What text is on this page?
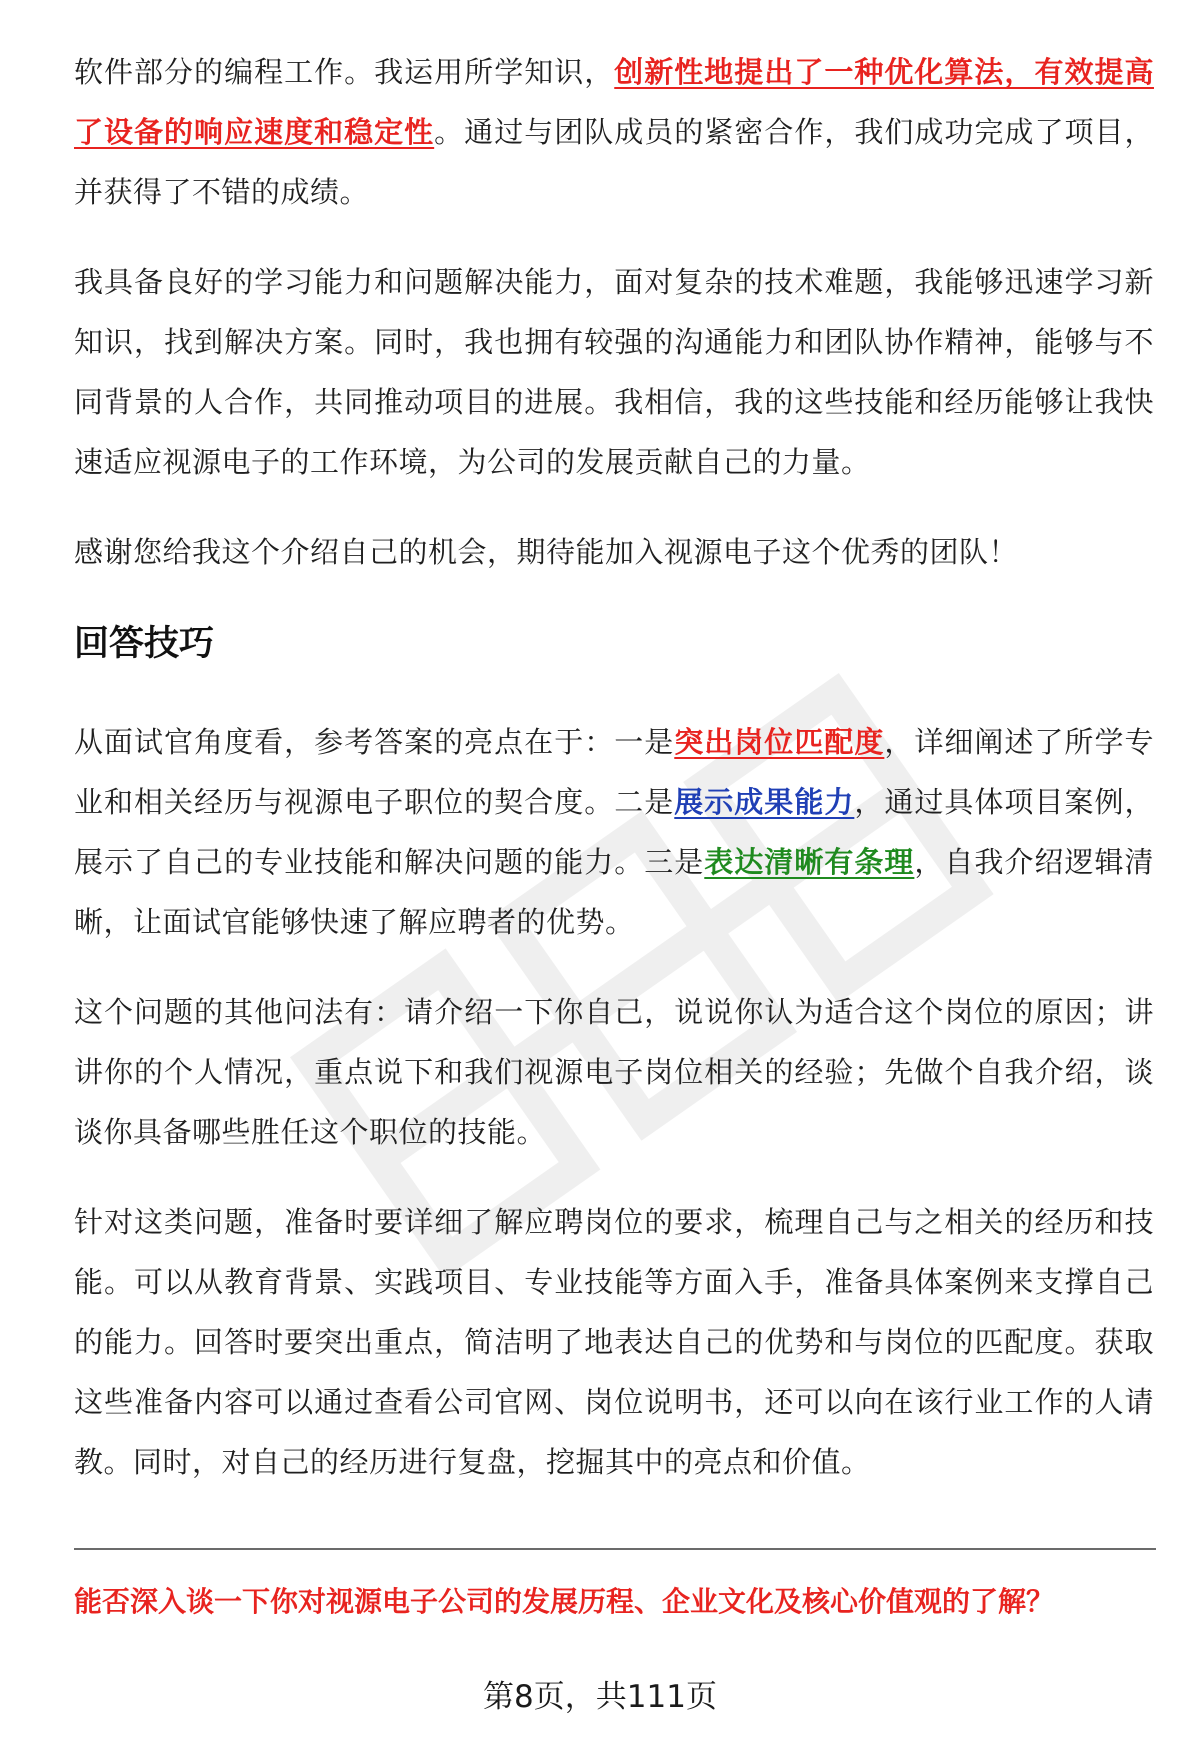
软件部分的编程工作。我运用所学知识，创新性地提出了一种优化算法，有效提高了设备的响应速度和稳定性。通过与团队成员的紧密合作，我们成功完成了项目，并获得了不错的成绩。

我具备良好的学习能力和问题解决能力，面对复杂的技术难题，我能够迅速学习新知识，找到解决方案。同时，我也拥有较强的沟通能力和团队协作精神，能够与不同背景的人合作，共同推动项目的进展。我相信，我的这些技能和经历能够让我快速适应视源电子的工作环境，为公司的发展贡献自己的力量。

感谢您给我这个介绍自己的机会，期待能加入视源电子这个优秀的团队！

回答技巧

从面试官角度看，参考答案的亮点在于：一是突出岗位匹配度，详细阐述了所学专业和相关经历与视源电子职位的契合度。二是展示成果能力，通过具体项目案例，展示了自己的专业技能和解决问题的能力。三是表达清晰有条理，自我介绍逻辑清晰，让面试官能够快速了解应聘者的优势。

这个问题的其他问法有：请介绍一下你自己，说说你认为适合这个岗位的原因；讲讲你的个人情况，重点说下和我们视源电子岗位相关的经验；先做个自我介绍，谈谈你具备哪些胜任这个职位的技能。

针对这类问题，准备时要详细了解应聘岗位的要求，梳理自己与之相关的经历和技能。可以从教育背景、实践项目、专业技能等方面入手，准备具体案例来支撑自己的能力。回答时要突出重点，简洁明了地表达自己的优势和与岗位的匹配度。获取这些准备内容可以通过查看公司官网、岗位说明书，还可以向在该行业工作的人请教。同时，对自己的经历进行复盘，挖掘其中的亮点和价值。

能否深入谈一下你对视源电子公司的发展历程、企业文化及核心价值观的了解？
第8页，共111页
